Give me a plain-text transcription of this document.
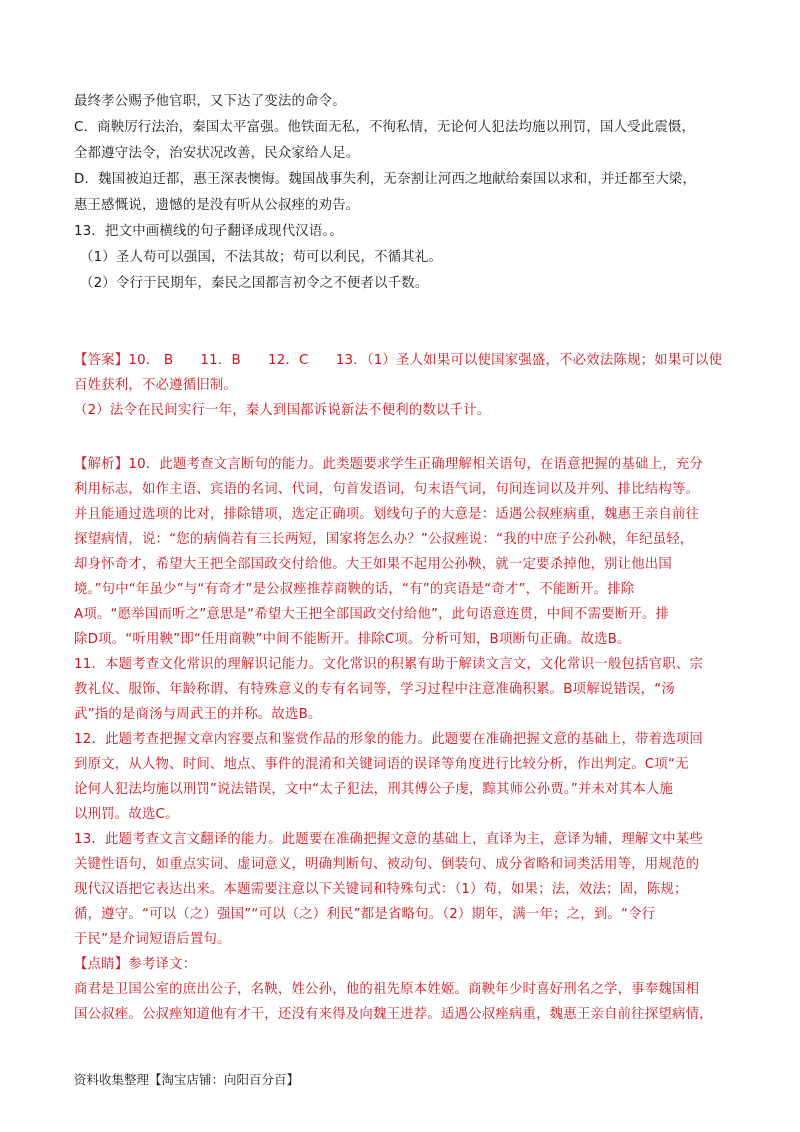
最终孝公赐予他官职，又下达了变法的命令。
C．商鞅厉行法治，秦国太平富强。他铁面无私，不徇私情，无论何人犯法均施以刑罚，国人受此震慑，
全都遵守法令，治安状况改善，民众家给人足。
D．魏国被迫迁都，惠王深表懊悔。魏国战事失利，无奈割让河西之地献给秦国以求和，并迁都至大梁，
惠王感慨说，遗憾的是没有听从公叔痤的劝告。
13．把文中画横线的句子翻译成现代汉语。。
（1）圣人苟可以强国，不法其故；苟可以利民，不循其礼。
（2）令行于民期年，秦民之国都言初令之不便者以千数。
【答案】10． B　　11．B　　12．C　　13．（1）圣人如果可以使国家强盛，不必效法陈规；如果可以使
百姓获利，不必遵循旧制。
（2）法令在民间实行一年，秦人到国都诉说新法不便利的数以千计。
【解析】10．此题考查文言断句的能力。此类题要求学生正确理解相关语句，在语意把握的基础上，充分
利用标志，如作主语、宾语的名词、代词，句首发语词，句末语气词，句间连词以及并列、排比结构等。
并且能通过选项的比对，排除错项，选定正确项。划线句子的大意是：适遇公叔痤病重，魏惠王亲自前往
探望病情，说：“您的病倘若有三长两短，国家将怎么办？”公叔痤说：“我的中庶子公孙鞅，年纪虽轻，
却身怀奇才，希望大王把全部国政交付给他。大王如果不起用公孙鞅，就一定要杀掉他，别让他出国
境。”句中“年虽少”与“有奇才”是公叔痤推荐商鞅的话，“有”的宾语是“奇才”，不能断开。排除
A项。“愿举国而听之”意思是“希望大王把全部国政交付给他”，此句语意连贯，中间不需要断开。排
除D项。“听用鞅”即“任用商鞅”中间不能断开。排除C项。分析可知，B项断句正确。故选B。
11．本题考查文化常识的理解识记能力。文化常识的积累有助于解读文言文，文化常识一般包括官职、宗
教礼仪、服饰、年龄称谓、有特殊意义的专有名词等，学习过程中注意准确积累。B项解说错误，“汤
武”指的是商汤与周武王的并称。故选B。
12．此题考查把握文章内容要点和鉴赏作品的形象的能力。此题要在准确把握文意的基础上，带着选项回
到原文，从人物、时间、地点、事件的混淆和关键词语的误译等角度进行比较分析，作出判定。C项“无
论何人犯法均施以刑罚”说法错误，文中“太子犯法，刑其傅公子虔，黥其师公孙贾。”并未对其本人施
以刑罚。故选C。
13．此题考查文言文翻译的能力。此题要在准确把握文意的基础上，直译为主，意译为辅，理解文中某些
关键性语句，如重点实词、虚词意义，明确判断句、被动句、倒装句、成分省略和词类活用等，用规范的
现代汉语把它表达出来。本题需要注意以下关键词和特殊句式：（1）苟，如果；法，效法；固，陈规；
循，遵守。“可以（之）强国”“可以（之）利民”都是省略句。（2）期年，满一年；之，到。“令行
于民”是介词短语后置句。
【点睛】参考译文：
商君是卫国公室的庶出公子，名鞅，姓公孙，他的祖先原本姓姬。商鞅年少时喜好刑名之学，事奉魏国相
国公叔痤。公叔痤知道他有才干，还没有来得及向魏王进荐。适遇公叔痤病重，魏惠王亲自前往探望病情，
资料收集整理【淘宝店铺：向阳百分百】
